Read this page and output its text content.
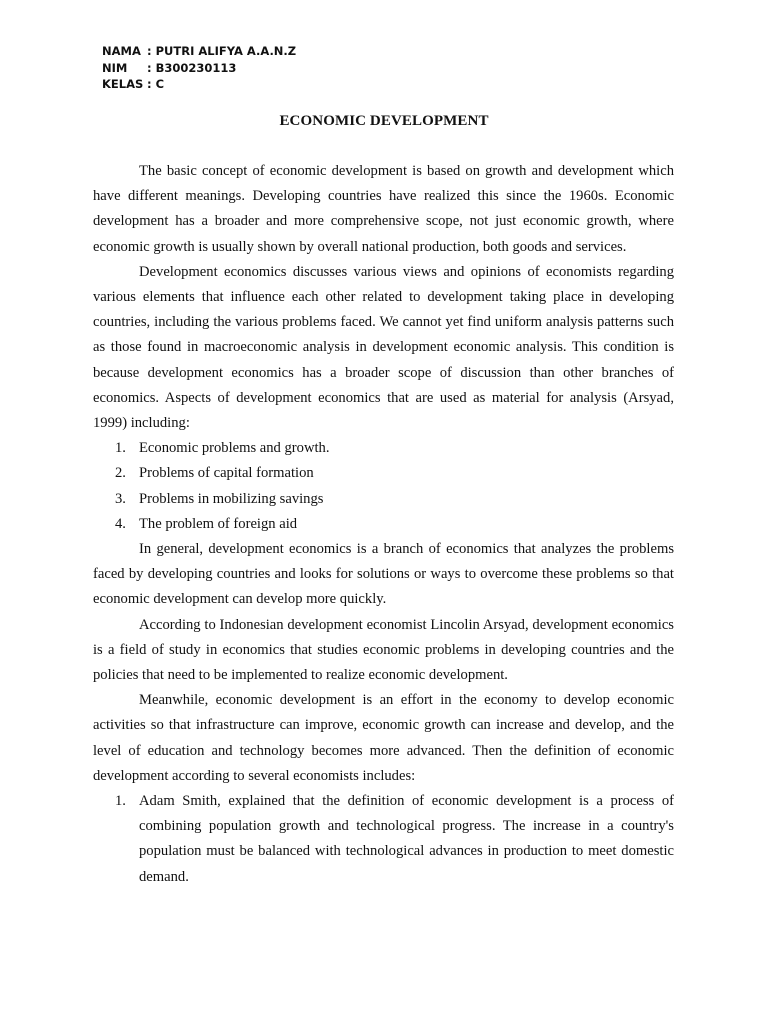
NAMA : PUTRI ALIFYA A.A.N.Z
NIM	: B300230113
KELAS : C
ECONOMIC DEVELOPMENT

The basic concept of economic development is based on growth and development which have different meanings. Developing countries have realized this since the 1960s. Economic development has a broader and more comprehensive scope, not just economic growth, where economic growth is usually shown by overall national production, both goods and services.

Development economics discusses various views and opinions of economists regarding various elements that influence each other related to development taking place in developing countries, including the various problems faced. We cannot yet find uniform analysis patterns such as those found in macroeconomic analysis in development economic analysis. This condition is because development economics has a broader scope of discussion than other branches of economics. Aspects of development economics that are used as material for analysis (Arsyad, 1999) including:

1. Economic problems and growth.
2. Problems of capital formation
3. Problems in mobilizing savings
4. The problem of foreign aid

In general, development economics is a branch of economics that analyzes the problems faced by developing countries and looks for solutions or ways to overcome these problems so that economic development can develop more quickly.

According to Indonesian development economist Lincolin Arsyad, development economics is a field of study in economics that studies economic problems in developing countries and the policies that need to be implemented to realize economic development.

Meanwhile, economic development is an effort in the economy to develop economic activities so that infrastructure can improve, economic growth can increase and develop, and the level of education and technology becomes more advanced. Then the definition of economic development according to several economists includes:

1. Adam Smith, explained that the definition of economic development is a process of combining population growth and technological progress. The increase in a country's population must be balanced with technological advances in production to meet domestic demand.
